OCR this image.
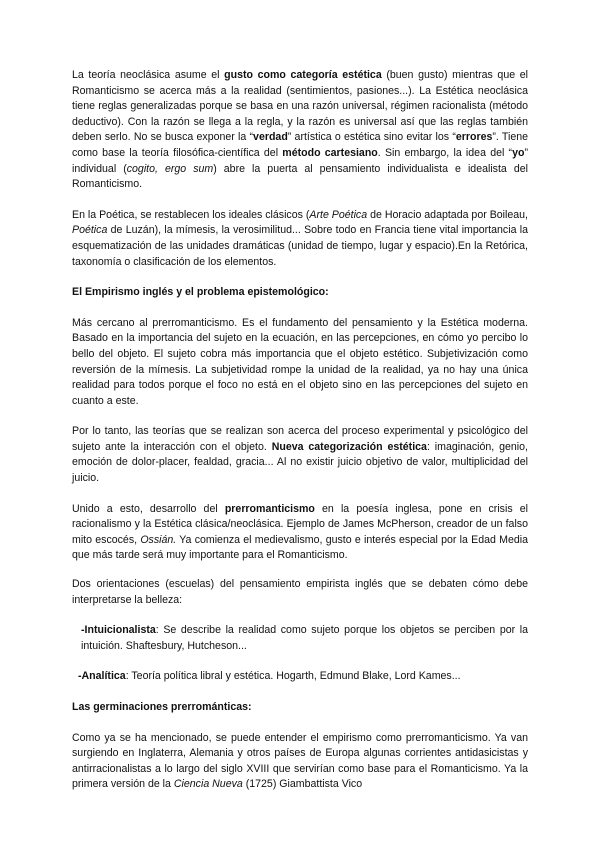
La teoría neoclásica asume el gusto como categoría estética (buen gusto) mientras que el Romanticismo se acerca más a la realidad (sentimientos, pasiones...). La Estética neoclásica tiene reglas generalizadas porque se basa en una razón universal, régimen racionalista (método deductivo). Con la razón se llega a la regla, y la razón es universal así que las reglas también deben serlo. No se busca exponer la “verdad” artística o estética sino evitar los “errores”. Tiene como base la teoría filosófica-científica del método cartesiano. Sin embargo, la idea del “yo” individual (cogito, ergo sum) abre la puerta al pensamiento individualista e idealista del Romanticismo.

En la Poética, se restablecen los ideales clásicos (Arte Poética de Horacio adaptada por Boileau, Poética de Luzán), la mímesis, la verosimilitud... Sobre todo en Francia tiene vital importancia la esquematización de las unidades dramáticas (unidad de tiempo, lugar y espacio).En la Retórica, taxonomía o clasificación de los elementos.

El Empirismo inglés y el problema epistemológico:

Más cercano al prerromanticismo. Es el fundamento del pensamiento y la Estética moderna. Basado en la importancia del sujeto en la ecuación, en las percepciones, en cómo yo percibo lo bello del objeto. El sujeto cobra más importancia que el objeto estético. Subjetivización como reversión de la mímesis. La subjetividad rompe la unidad de la realidad, ya no hay una única realidad para todos porque el foco no está en el objeto sino en las percepciones del sujeto en cuanto a este.

Por lo tanto, las teorías que se realizan son acerca del proceso experimental y psicológico del sujeto ante la interacción con el objeto. Nueva categorización estética: imaginación, genio, emoción de dolor-placer, fealdad, gracia... Al no existir juicio objetivo de valor, multiplicidad del juicio.

Unido a esto, desarrollo del prerromanticismo en la poesía inglesa, pone en crisis el racionalismo y la Estética clásica/neoclásica. Ejemplo de James McPherson, creador de un falso mito escocés, Ossián. Ya comienza el medievalismo, gusto e interés especial por la Edad Media que más tarde será muy importante para el Romanticismo.

Dos orientaciones (escuelas) del pensamiento empirista inglés que se debaten cómo debe interpretarse la belleza:

-Intuicionalista: Se describe la realidad como sujeto porque los objetos se perciben por la intuición. Shaftesbury, Hutcheson...

-Analítica: Teoría política libral y estética. Hogarth, Edmund Blake, Lord Kames...

Las germinaciones prerrománticas:

Como ya se ha mencionado, se puede entender el empirismo como prerromanticismo. Ya van surgiendo en Inglaterra, Alemania y otros países de Europa algunas corrientes antidasicistas y antirracionalistas a lo largo del siglo XVIII que servirían como base para el Romanticismo. Ya la primera versión de la Ciencia Nueva (1725) Giambattista Vico
